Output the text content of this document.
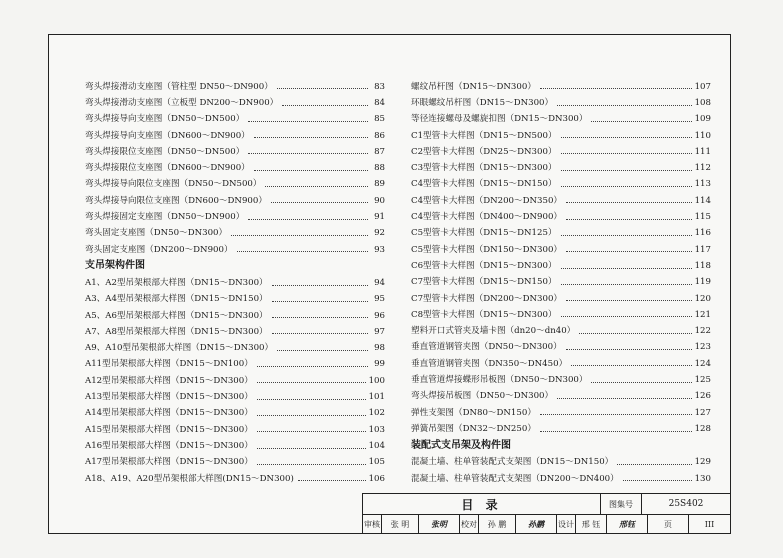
弯头焊接滑动支座图（管柱型 DN50～DN900）	83
弯头焊接滑动支座图（立板型 DN200～DN900）	84
弯头焊接导向支座图（DN50～DN500）	85
弯头焊接导向支座图（DN600～DN900）	86
弯头焊接限位支座图（DN50～DN500）	87
弯头焊接限位支座图（DN600～DN900）	88
弯头焊接导向限位支座图（DN50～DN500）	89
弯头焊接导向限位支座图（DN600～DN900）	90
弯头焊接固定支座图（DN50～DN900）	91
弯头固定支座图（DN50～DN300）	92
弯头固定支座图（DN200～DN900）	93
支吊架构件图
A1、A2型吊架根部大样图（DN15～DN300）	94
A3、A4型吊架根部大样图（DN15～DN150）	95
A5、A6型吊架根部大样图（DN15～DN300）	96
A7、A8型吊架根部大样图（DN15～DN300）	97
A9、A10型吊架根部大样图（DN15～DN300）	98
A11型吊架根部大样图（DN15～DN100）	99
A12型吊架根部大样图（DN15～DN300）	100
A13型吊架根部大样图（DN15～DN300）	101
A14型吊架根部大样图（DN15～DN300）	102
A15型吊架根部大样图（DN15～DN300）	103
A16型吊架根部大样图（DN15～DN300）	104
A17型吊架根部大样图（DN15～DN300）	105
A18、A19、A20型吊架根部大样图(DN15～DN300)	106
螺纹吊杆图（DN15～DN300）	107
环眼螺纹吊杆图（DN15～DN300）	108
等径连接螺母及螺旋扣图（DN15～DN300）	109
C1型管卡大样图（DN15～DN500）	110
C2型管卡大样图（DN25～DN300）	111
C3型管卡大样图（DN15～DN300）	112
C4型管卡大样图（DN15～DN150）	113
C4型管卡大样图（DN200～DN350）	114
C4型管卡大样图（DN400～DN900）	115
C5型管卡大样图（DN15～DN125）	116
C5型管卡大样图（DN150～DN300）	117
C6型管卡大样图（DN15～DN300）	118
C7型管卡大样图（DN15～DN150）	119
C7型管卡大样图（DN200～DN300）	120
C8型管卡大样图（DN15～DN300）	121
塑料开口式管夹及墙卡图（dn20～dn40）	122
垂直管道钢管夹图（DN50～DN300）	123
垂直管道钢管夹图（DN350～DN450）	124
垂直管道焊接蝶形吊板图（DN50～DN300）	125
弯头焊接吊板图（DN50～DN300）	126
弹性支架图（DN80～DN150）	127
弹簧吊架图（DN32～DN250）	128
装配式支吊架及构件图
混凝土墙、柱单管装配式支架图（DN15～DN150）	129
混凝土墙、柱单管装配式支架图（DN200～DN400）	130
目 录	图集号	25S402
审核	张 明	张明	校对	孙 鹏	孙鹏	设计 邢 钰	邢钰	页	III
